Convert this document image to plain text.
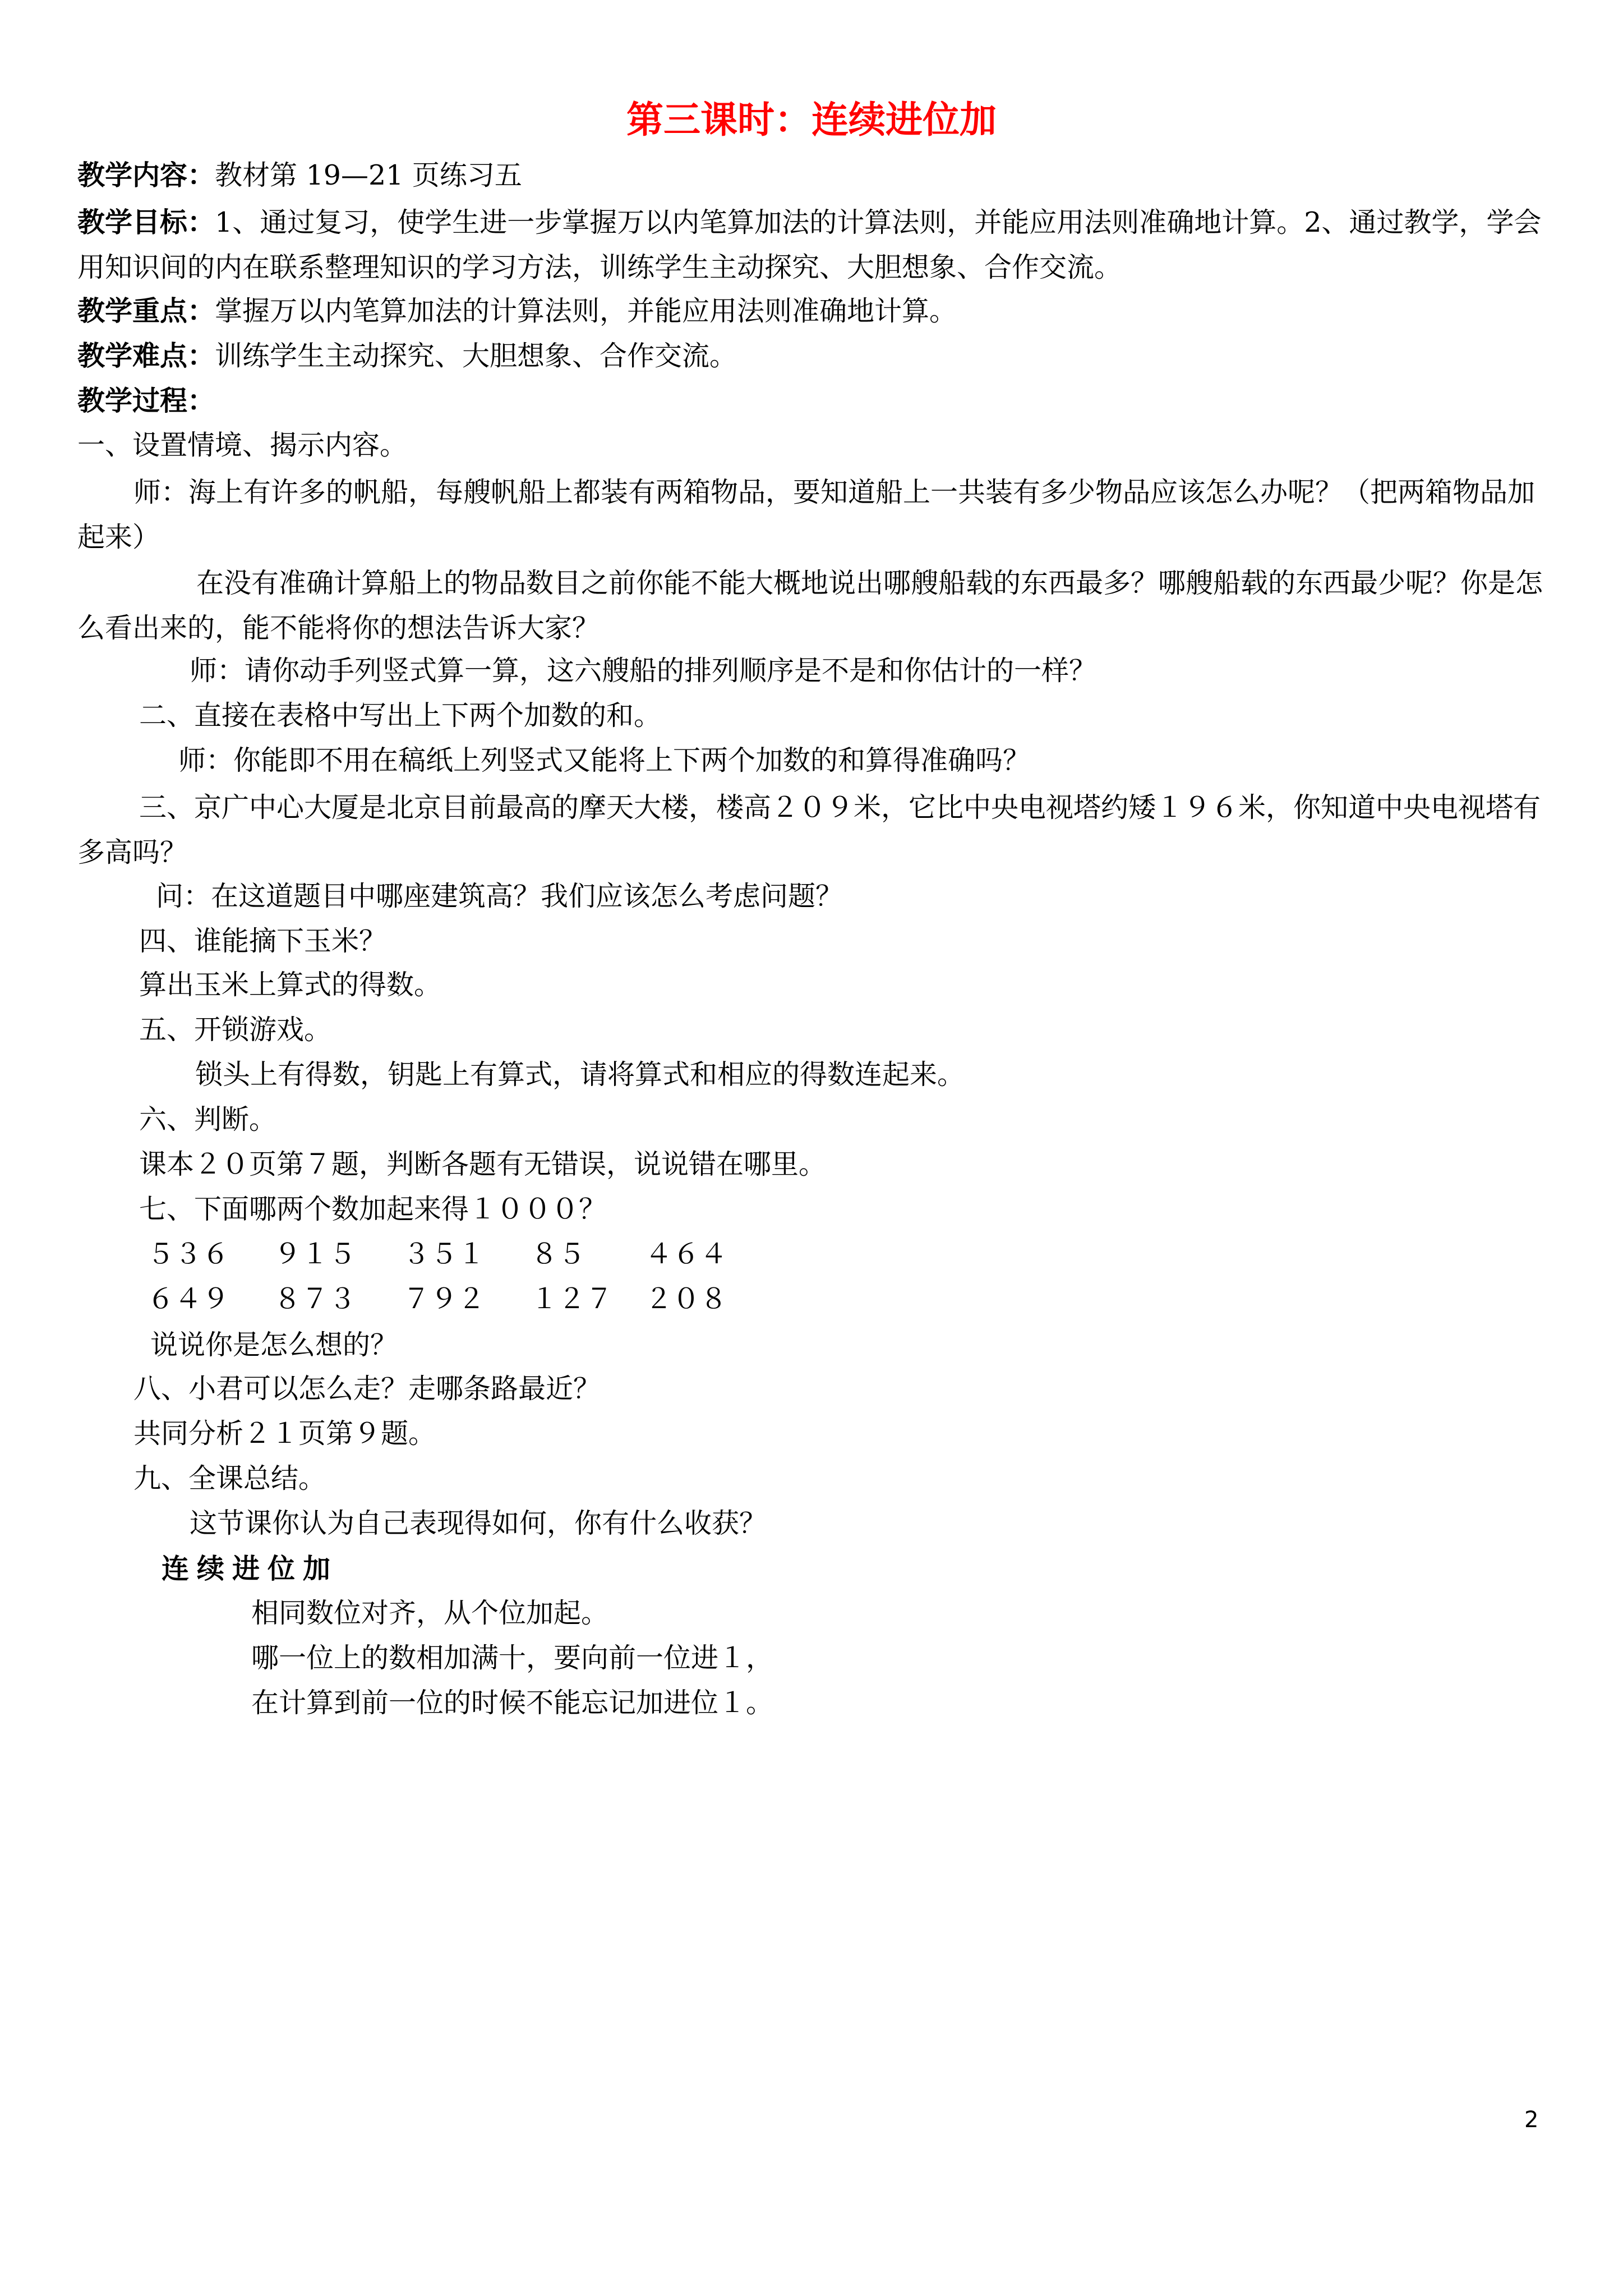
第三课时：连续进位加
教学内容：教材第 19—21 页练习五
教学目标：1、通过复习，使学生进一步掌握万以内笔算加法的计算法则，并能应用法则准确地计算。2、通过教学，学会用知识间的内在联系整理知识的学习方法，训练学生主动探究、大胆想象、合作交流。
教学重点：掌握万以内笔算加法的计算法则，并能应用法则准确地计算。
教学难点：训练学生主动探究、大胆想象、合作交流。
教学过程：
一、设置情境、揭示内容。
师：海上有许多的帆船，每艘帆船上都装有两箱物品，要知道船上一共装有多少物品应该怎么办呢？（把两箱物品加起来）
在没有准确计算船上的物品数目之前你能不能大概地说出哪艘船载的东西最多？哪艘船载的东西最少呢？你是怎么看出来的，能不能将你的想法告诉大家？
师：请你动手列竖式算一算，这六艘船的排列顺序是不是和你估计的一样？
二、直接在表格中写出上下两个加数的和。
师：你能即不用在稿纸上列竖式又能将上下两个加数的和算得准确吗？
三、京广中心大厦是北京目前最高的摩天大楼，楼高２０９米，它比中央电视塔约矮１９６米，你知道中央电视塔有多高吗？
问：在这道题目中哪座建筑高？我们应该怎么考虑问题？
四、谁能摘下玉米？
算出玉米上算式的得数。
五、开锁游戏。
锁头上有得数，钥匙上有算式，请将算式和相应的得数连起来。
六、判断。
课本２０页第７题，判断各题有无错误，说说错在哪里。
七、下面哪两个数加起来得１０００？
５３６ ９１５ ３５１ ８５ ４６４
６４９ ８７３ ７９２ １２７ ２０８
说说你是怎么想的？
八、小君可以怎么走？走哪条路最近？
共同分析２１页第９题。
九、全课总结。
这节课你认为自己表现得如何，你有什么收获？
连续进位加
相同数位对齐，从个位加起。
哪一位上的数相加满十，要向前一位进１，
在计算到前一位的时候不能忘记加进位１。
2
